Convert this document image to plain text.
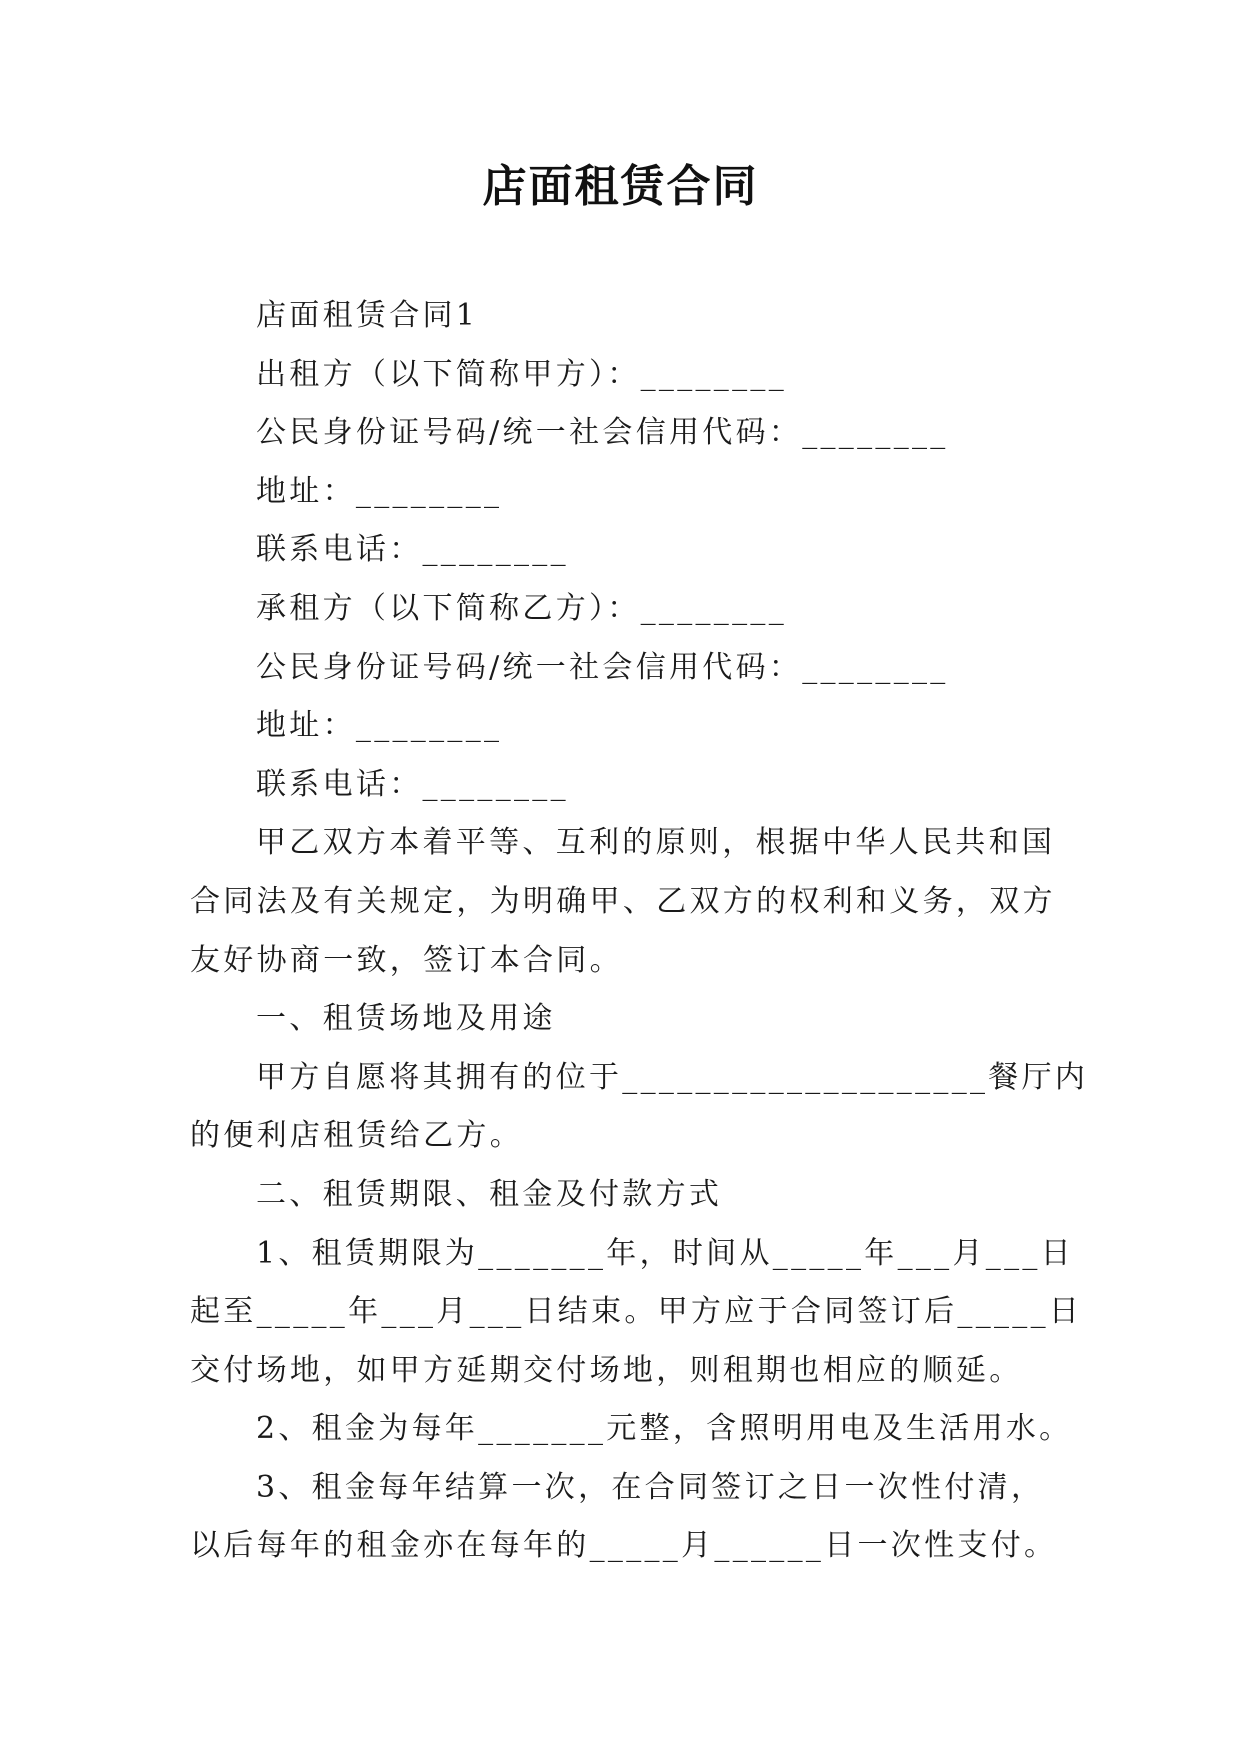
店面租赁合同
店面租赁合同1
出租方（以下简称甲方）：________
公民身份证号码/统一社会信用代码：________
地址：________
联系电话：________
承租方（以下简称乙方）：________
公民身份证号码/统一社会信用代码：________
地址：________
联系电话：________
甲乙双方本着平等、互利的原则，根据中华人民共和国
合同法及有关规定，为明确甲、乙双方的权利和义务，双方
友好协商一致，签订本合同。
一、租赁场地及用途
甲方自愿将其拥有的位于____________________餐厅内
的便利店租赁给乙方。
二、租赁期限、租金及付款方式
1、租赁期限为_______年，时间从_____年___月___日
起至_____年___月___日结束。甲方应于合同签订后_____日
交付场地，如甲方延期交付场地，则租期也相应的顺延。
2、租金为每年_______元整，含照明用电及生活用水。
3、租金每年结算一次，在合同签订之日一次性付清，
以后每年的租金亦在每年的_____月______日一次性支付。
